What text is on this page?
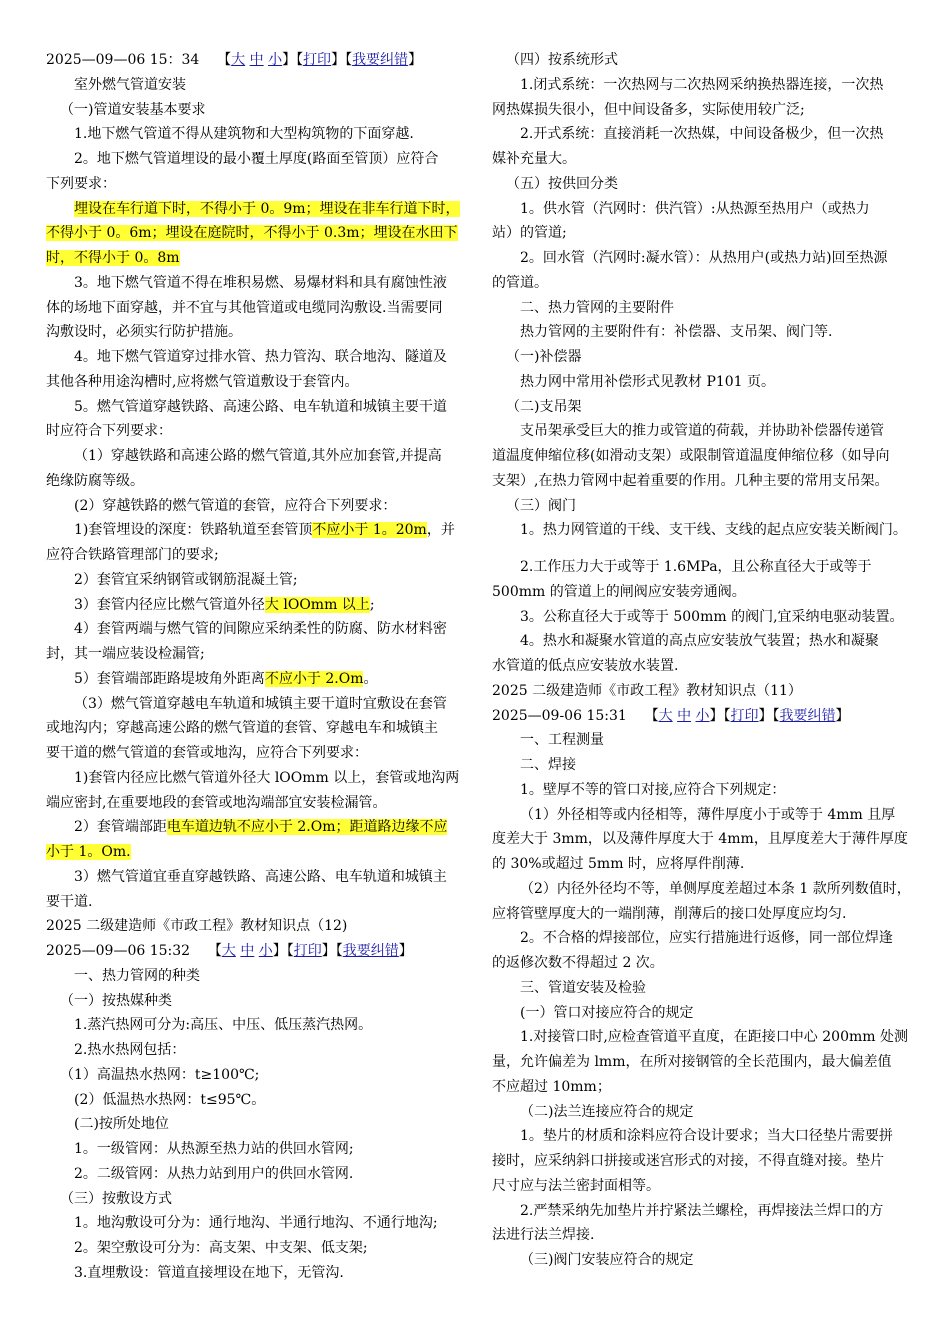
2025—09—06 15：34 【大 中 小】【打印】【我要纠错】
室外燃气管道安装
（一)管道安装基本要求
1.地下燃气管道不得从建筑物和大型构筑物的下面穿越.
2。地下燃气管道埋设的最小覆土厚度(路面至管顶）应符合
下列要求：
埋设在车行道下时，不得小于 0。9m；埋设在非车行道下时，
不得小于 0。6m；埋设在庭院时，不得小于 0.3m；埋设在水田下
时，不得小于 0。8m
3。地下燃气管道不得在堆积易燃、易爆材料和具有腐蚀性液
体的场地下面穿越，并不宜与其他管道或电缆同沟敷设.当需要同
沟敷设时，必须实行防护措施。
4。地下燃气管道穿过排水管、热力管沟、联合地沟、隧道及
其他各种用途沟槽时,应将燃气管道敷设于套管内。
5。燃气管道穿越铁路、高速公路、电车轨道和城镇主要干道
时应符合下列要求：
（1）穿越铁路和高速公路的燃气管道,其外应加套管,并提高
绝缘防腐等级。
(2）穿越铁路的燃气管道的套管，应符合下列要求：
1)套管埋设的深度：铁路轨道至套管顶不应小于 1。20m，并
应符合铁路管理部门的要求;
2）套管宜采纳钢管或钢筋混凝土管;
3）套管内径应比燃气管道外径大 lOOmm 以上;
4）套管两端与燃气管的间隙应采纳柔性的防腐、防水材料密
封，其一端应装设检漏管;
5）套管端部距路堤坡角外距离不应小于 2.Om。
（3）燃气管道穿越电车轨道和城镇主要干道时宜敷设在套管
或地沟内；穿越高速公路的燃气管道的套管、穿越电车和城镇主
要干道的燃气管道的套管或地沟，应符合下列要求：
1)套管内径应比燃气管道外径大 lOOmm 以上，套管或地沟两
端应密封,在重要地段的套管或地沟端部宜安装检漏管。
2）套管端部距电车道边轨不应小于 2.Om；距道路边缘不应
小于 1。Om.
3）燃气管道宜垂直穿越铁路、高速公路、电车轨道和城镇主
要干道.
2025 二级建造师《市政工程》教材知识点（12)
2025—09—06 15:32 【大 中 小】【打印】【我要纠错】
一、热力管网的种类
（一）按热媒种类
1.蒸汽热网可分为:高压、中压、低压蒸汽热网。
2.热水热网包括：
（1）高温热水热网：t≥100℃;
(2）低温热水热网：t≤95℃。
(二)按所处地位
1。一级管网：从热源至热力站的供回水管网;
2。二级管网：从热力站到用户的供回水管网.
（三）按敷设方式
1。地沟敷设可分为：通行地沟、半通行地沟、不通行地沟;
2。架空敷设可分为：高支架、中支架、低支架;
3.直埋敷设：管道直接埋设在地下，无管沟.
（四）按系统形式
1.闭式系统：一次热网与二次热网采纳换热器连接，一次热
网热媒损失很小，但中间设备多，实际使用较广泛;
2.开式系统：直接消耗一次热媒，中间设备极少，但一次热
媒补充量大。
（五）按供回分类
1。供水管（汽网时：供汽管）:从热源至热用户（或热力
站）的管道;
2。回水管（汽网时:凝水管）：从热用户(或热力站)回至热源
的管道。
二、热力管网的主要附件
热力管网的主要附件有：补偿器、支吊架、阀门等.
（一)补偿器
热力网中常用补偿形式见教材 P101 页。
（二)支吊架
支吊架承受巨大的推力或管道的荷载，并协助补偿器传递管
道温度伸缩位移(如滑动支架）或限制管道温度伸缩位移（如导向
支架）,在热力管网中起着重要的作用。几种主要的常用支吊架。
（三）阀门
1。热力网管道的干线、支干线、支线的起点应安装关断阀门。
2.工作压力大于或等于 1.6MPa，且公称直径大于或等于
500mm 的管道上的闸阀应安装旁通阀。
3。公称直径大于或等于 500mm 的阀门,宜采纳电驱动装置。
4。热水和凝聚水管道的高点应安装放气装置；热水和凝聚
水管道的低点应安装放水装置.
2025 二级建造师《市政工程》教材知识点（11）
2025—09-06 15:31 【大 中 小】【打印】【我要纠错】
一、工程测量
二、焊接
1。壁厚不等的管口对接,应符合下列规定：
（1）外径相等或内径相等，薄件厚度小于或等于 4mm 且厚
度差大于 3mm，以及薄件厚度大于 4mm，且厚度差大于薄件厚度
的 30%或超过 5mm 时，应将厚件削薄.
（2）内径外径均不等，单侧厚度差超过本条 1 款所列数值时，
应将管壁厚度大的一端削薄，削薄后的接口处厚度应均匀.
2。不合格的焊接部位，应实行措施进行返修，同一部位焊逢
的返修次数不得超过 2 次。
三、管道安装及检验
(一）管口对接应符合的规定
1.对接管口时,应检查管道平直度，在距接口中心 200mm 处测
量，允许偏差为 lmm，在所对接钢管的全长范围内，最大偏差值
不应超过 10mm；
（二)法兰连接应符合的规定
1。垫片的材质和涂料应符合设计要求；当大口径垫片需要拼
接时，应采纳斜口拼接或迷宫形式的对接，不得直缝对接。垫片
尺寸应与法兰密封面相等。
2.严禁采纳先加垫片并拧紧法兰螺栓，再焊接法兰焊口的方
法进行法兰焊接.
（三)阀门安装应符合的规定
